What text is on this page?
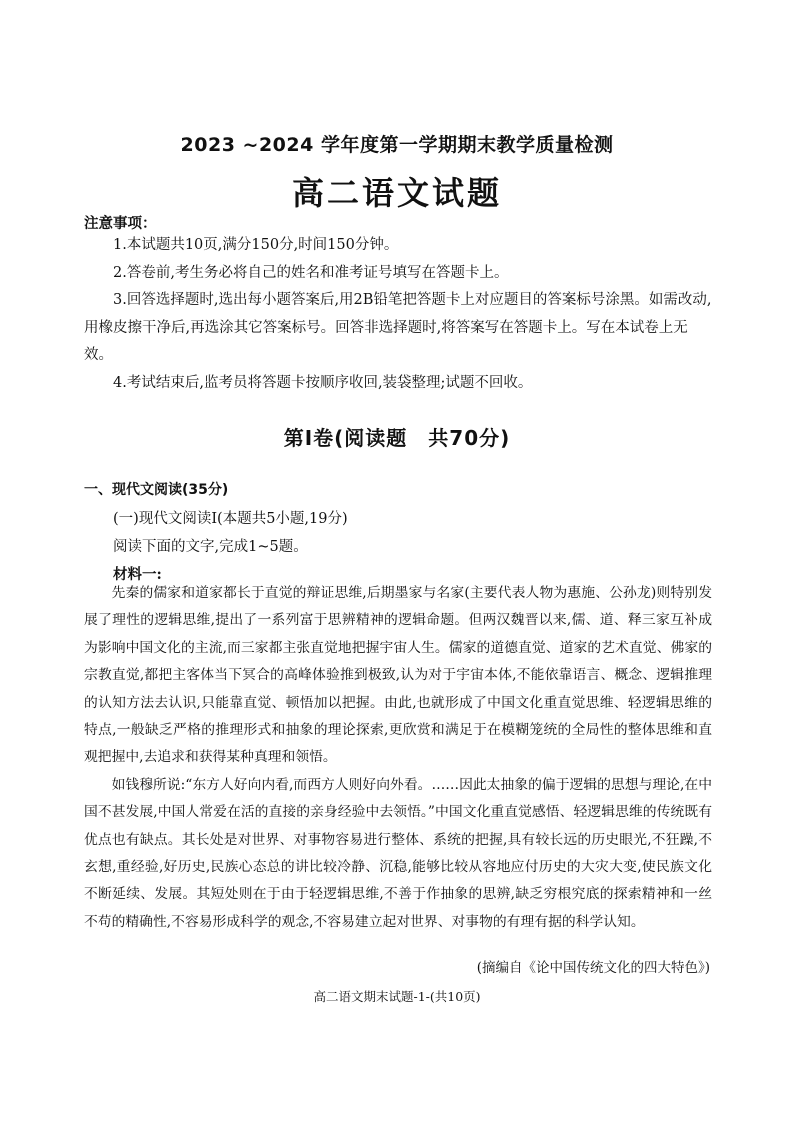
2023 ~2024 学年度第一学期期末教学质量检测
高二语文试题
注意事项：

1.本试题共10页,满分150分,时间150分钟。

2.答卷前,考生务必将自己的姓名和准考证号填写在答题卡上。

3.回答选择题时,选出每小题答案后,用2B铅笔把答题卡上对应题目的答案标号涂黑。如需改动,用橡皮擦干净后,再选涂其它答案标号。回答非选择题时,将答案写在答题卡上。写在本试卷上无效。

4.考试结束后,监考员将答题卡按顺序收回,装袋整理;试题不回收。

第Ⅰ卷(阅读题　共70分)
一、现代文阅读(35分)
(一)现代文阅读Ⅰ(本题共5小题,19分)
阅读下面的文字,完成1~5题。
材料一:

先秦的儒家和道家都长于直觉的辩证思维,后期墨家与名家(主要代表人物为惠施、公孙龙)则特别发展了理性的逻辑思维,提出了一系列富于思辨精神的逻辑命题。但两汉魏晋以来,儒、道、释三家互补成为影响中国文化的主流,而三家都主张直觉地把握宇宙人生。儒家的道德直觉、道家的艺术直觉、佛家的宗教直觉,都把主客体当下冥合的高峰体验推到极致,认为对于宇宙本体,不能依靠语言、概念、逻辑推理的认知方法去认识,只能靠直觉、顿悟加以把握。由此,也就形成了中国文化重直觉思维、轻逻辑思维的特点,一般缺乏严格的推理形式和抽象的理论探索,更欣赏和满足于在模糊笼统的全局性的整体思维和直观把握中,去追求和获得某种真理和领悟。

如钱穆所说:“东方人好向内看,而西方人则好向外看。……因此太抽象的偏于逻辑的思想与理论,在中国不甚发展,中国人常爱在活的直接的亲身经验中去领悟。”中国文化重直觉感悟、轻逻辑思维的传统既有优点也有缺点。其长处是对世界、对事物容易进行整体、系统的把握,具有较长远的历史眼光,不狂躁,不玄想,重经验,好历史,民族心态总的讲比较冷静、沉稳,能够比较从容地应付历史的大灾大变,使民族文化不断延续、发展。其短处则在于由于轻逻辑思维,不善于作抽象的思辨,缺乏穷根究底的探索精神和一丝不苟的精确性,不容易形成科学的观念,不容易建立起对世界、对事物的有理有据的科学认知。

(摘编自《论中国传统文化的四大特色》)
高二语文期末试题-1-(共10页)
